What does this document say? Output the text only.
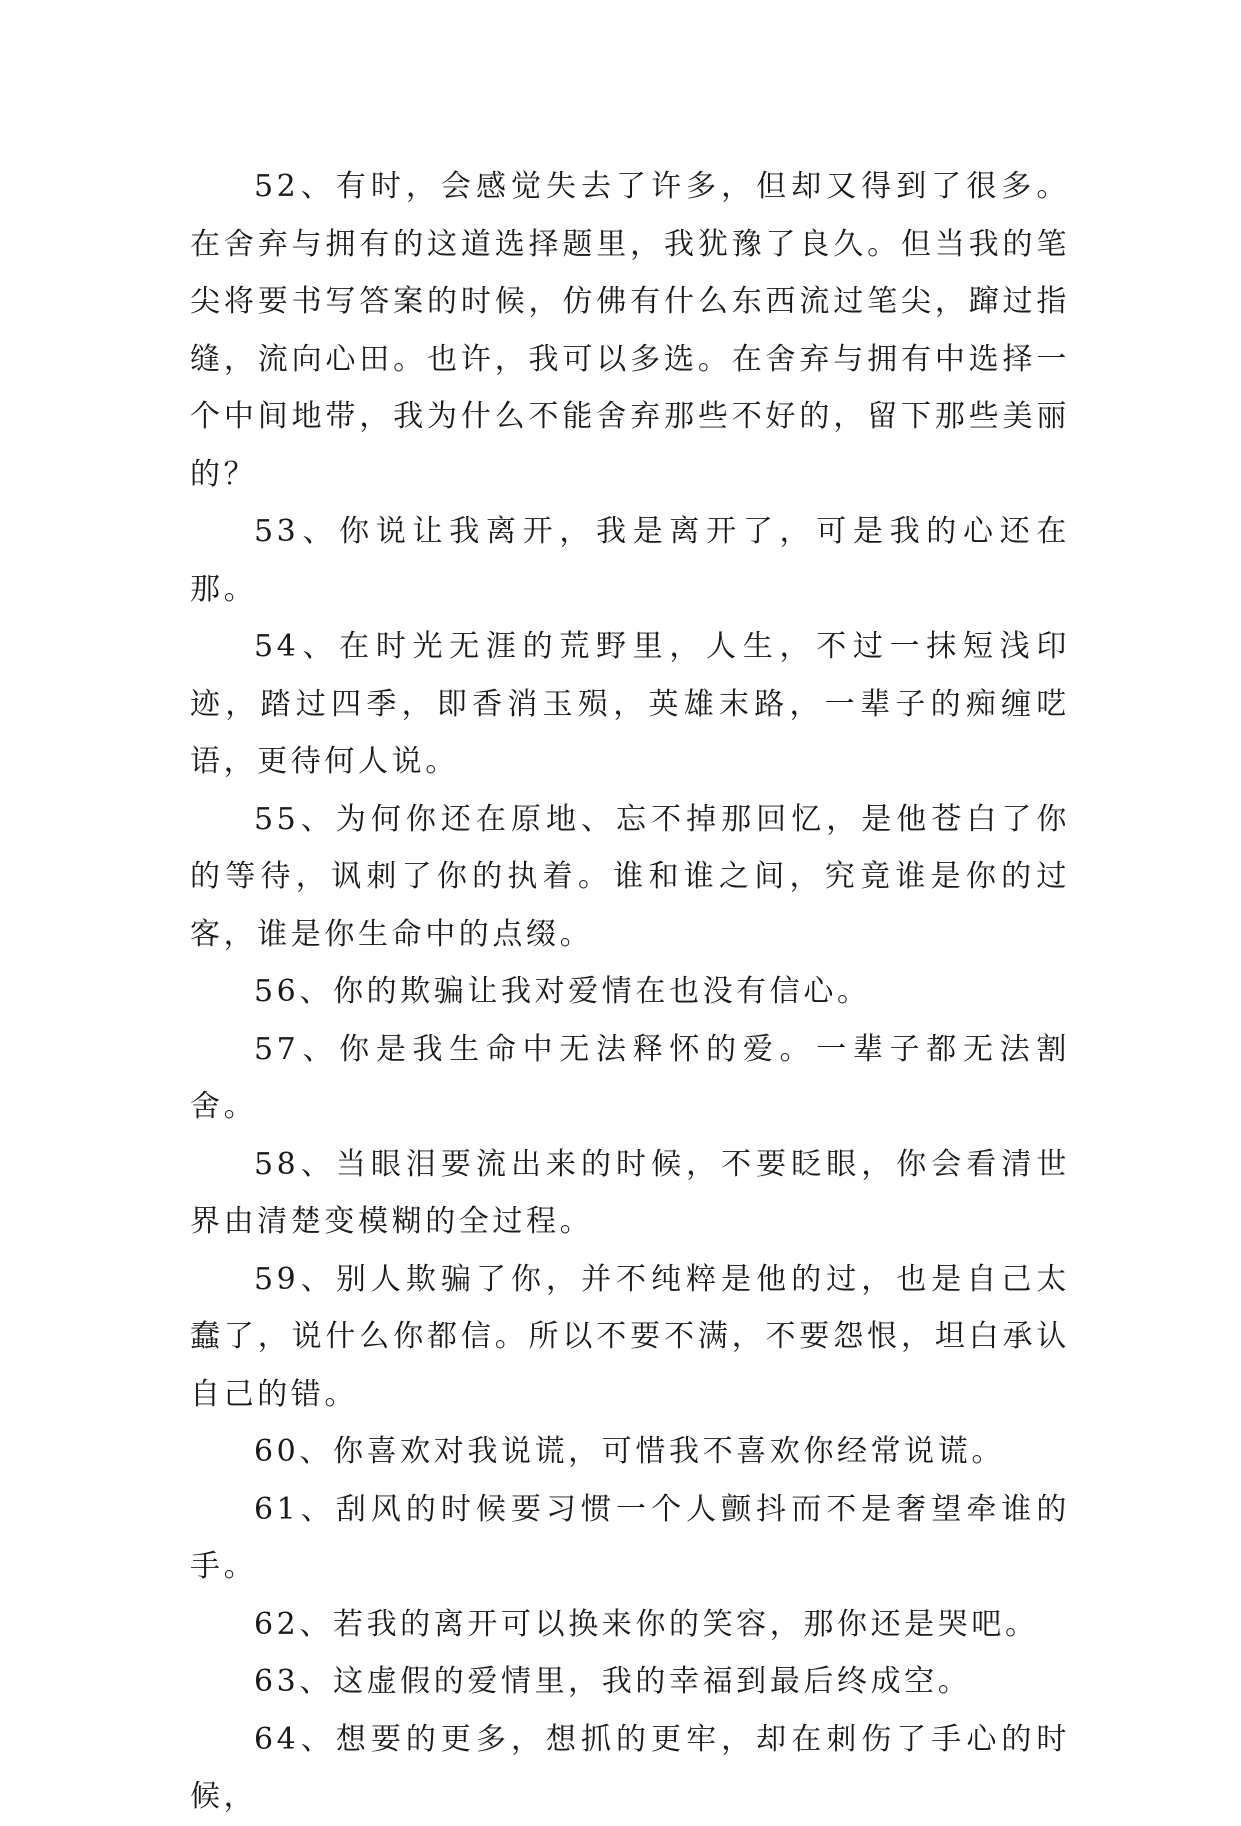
52、有时，会感觉失去了许多，但却又得到了很多。在舍弃与拥有的这道选择题里，我犹豫了良久。但当我的笔尖将要书写答案的时候，仿佛有什么东西流过笔尖，蹿过指缝，流向心田。也许，我可以多选。在舍弃与拥有中选择一个中间地带，我为什么不能舍弃那些不好的，留下那些美丽的？

53、你说让我离开，我是离开了，可是我的心还在那。

54、在时光无涯的荒野里，人生，不过一抹短浅印迹，踏过四季，即香消玉殒，英雄末路，一辈子的痴缠呓语，更待何人说。

55、为何你还在原地、忘不掉那回忆，是他苍白了你的等待，讽刺了你的执着。谁和谁之间，究竟谁是你的过客，谁是你生命中的点缀。

56、你的欺骗让我对爱情在也没有信心。

57、你是我生命中无法释怀的爱。一辈子都无法割舍。

58、当眼泪要流出来的时候，不要眨眼，你会看清世界由清楚变模糊的全过程。

59、别人欺骗了你，并不纯粹是他的过，也是自己太蠢了，说什么你都信。所以不要不满，不要怨恨，坦白承认自己的错。

60、你喜欢对我说谎，可惜我不喜欢你经常说谎。

61、刮风的时候要习惯一个人颤抖而不是奢望牵谁的手。

62、若我的离开可以换来你的笑容，那你还是哭吧。

63、这虚假的爱情里，我的幸福到最后终成空。

64、想要的更多，想抓的更牢，却在刺伤了手心的时候，
